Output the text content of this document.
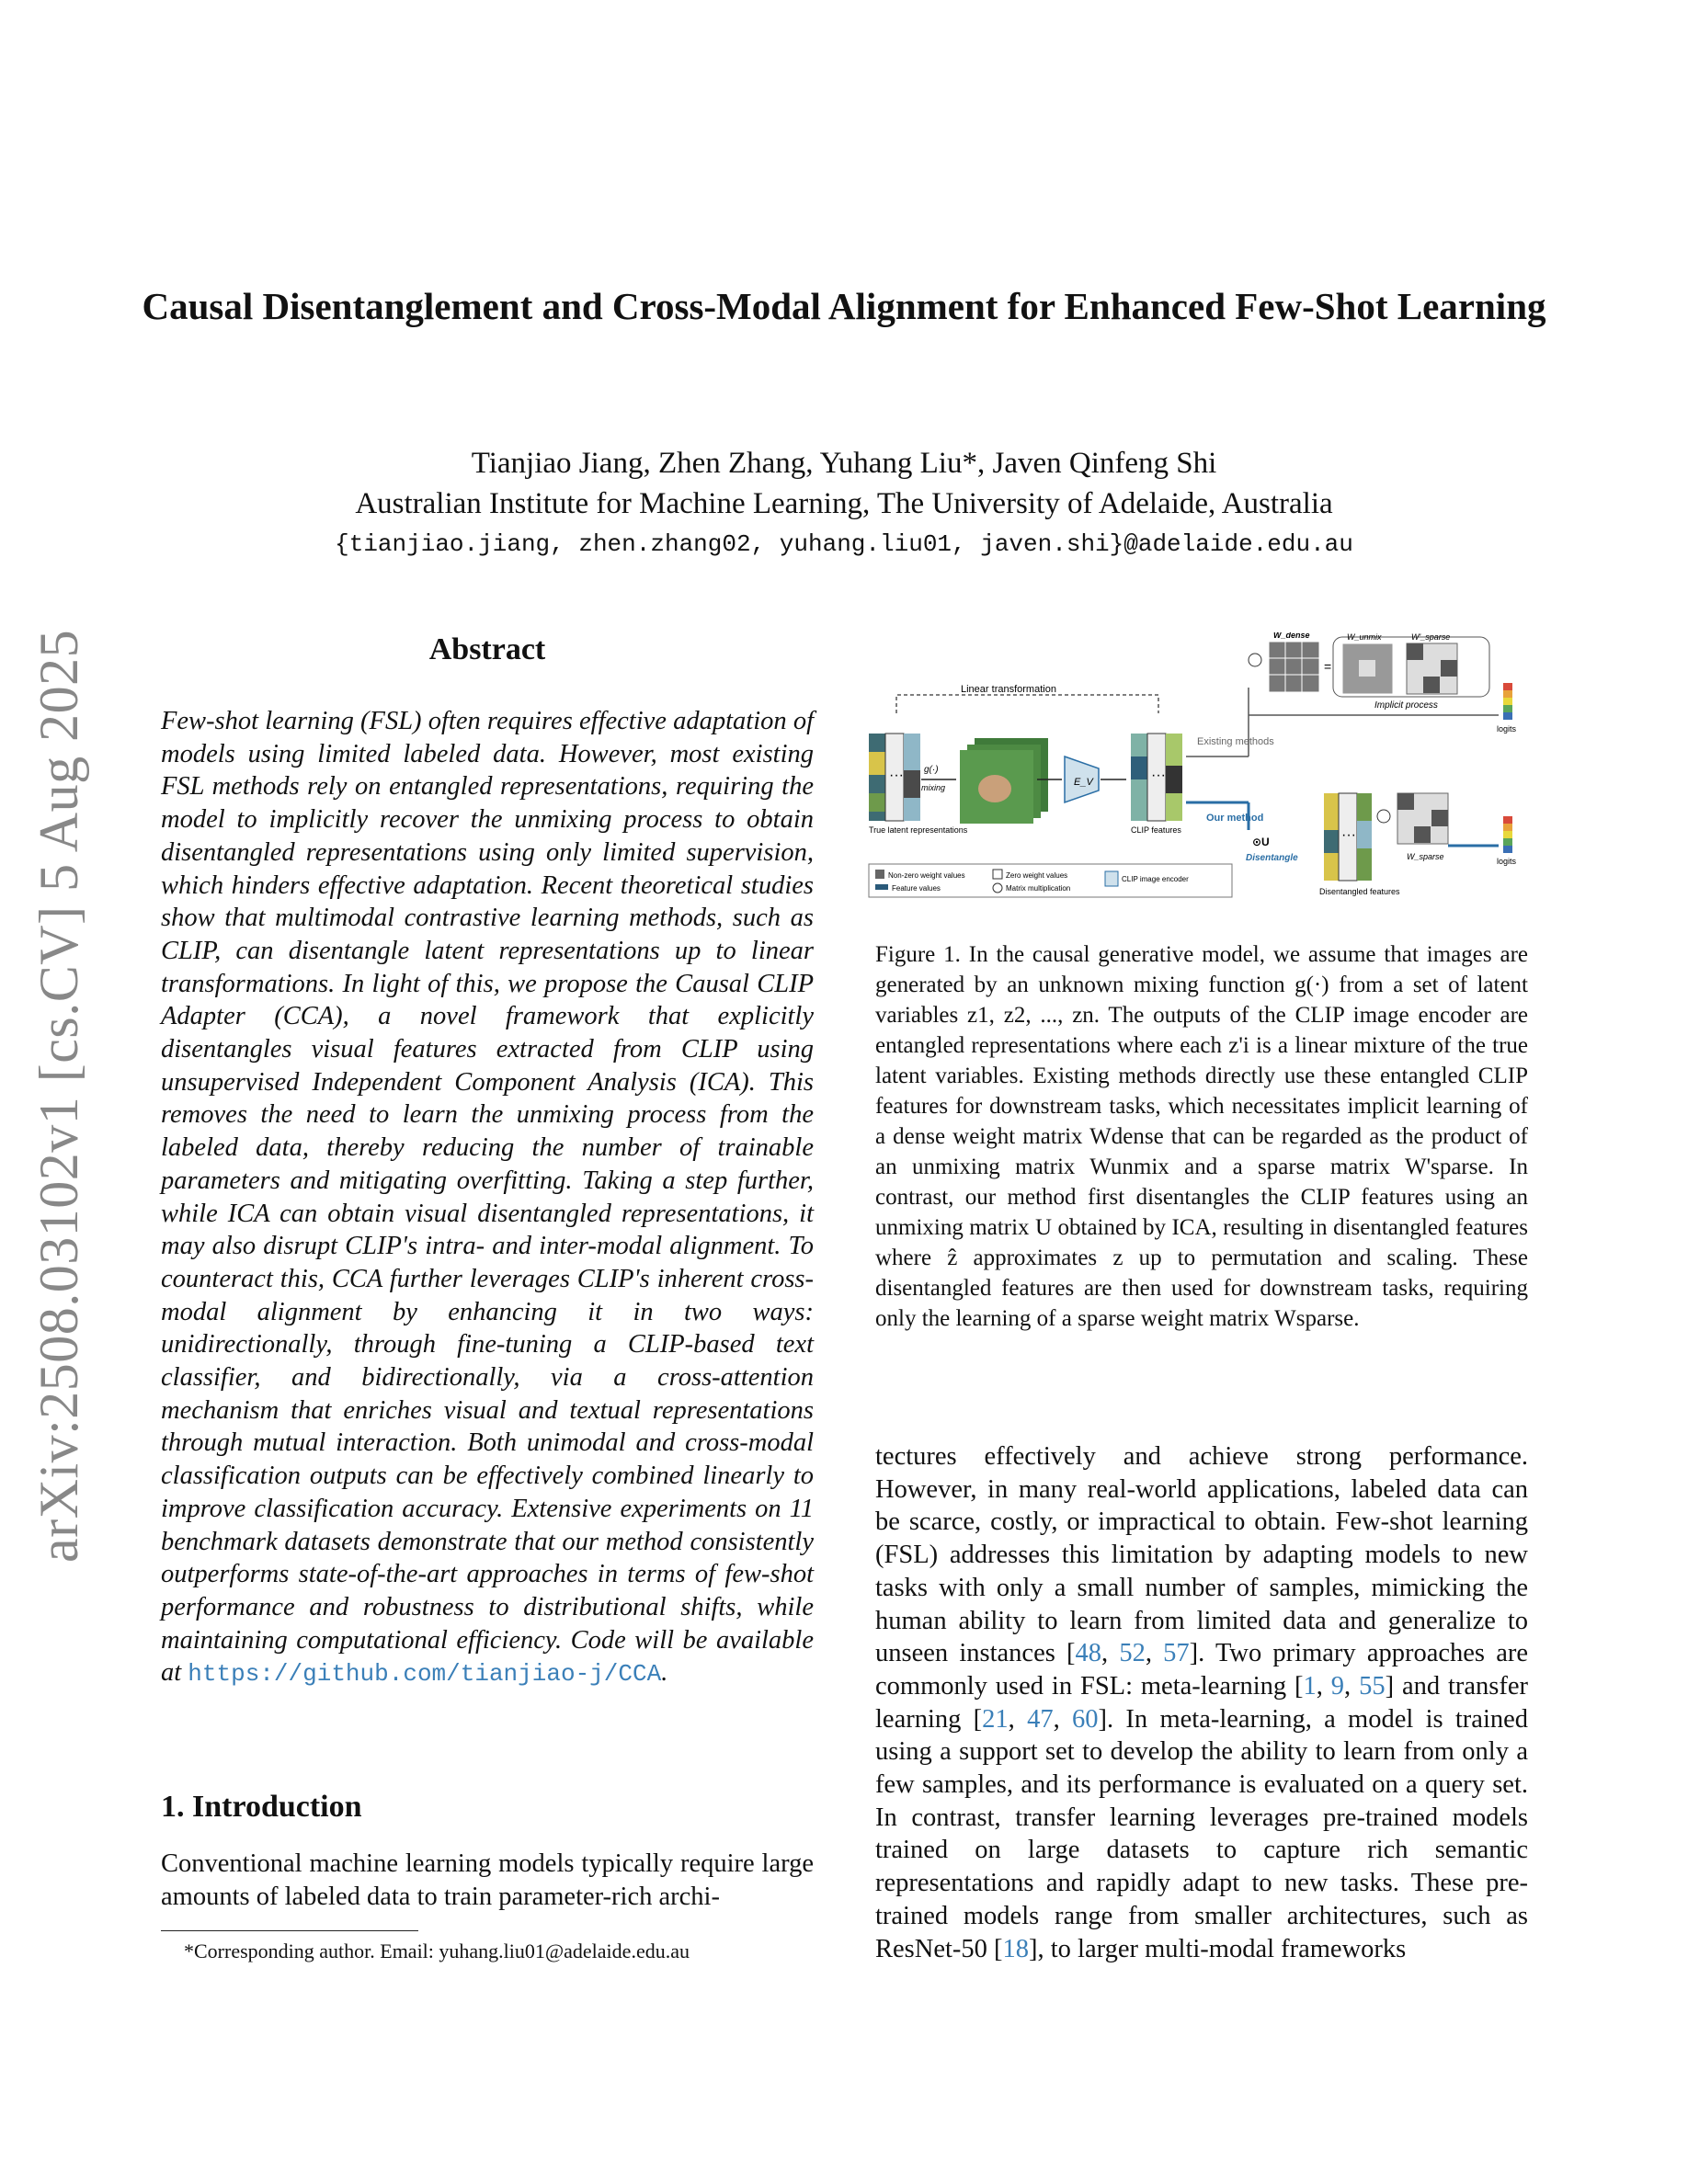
arXiv:2508.03102v1 [cs.CV] 5 Aug 2025
Causal Disentanglement and Cross-Modal Alignment for Enhanced Few-Shot Learning
Tianjiao Jiang, Zhen Zhang, Yuhang Liu*, Javen Qinfeng Shi
Australian Institute for Machine Learning, The University of Adelaide, Australia
{tianjiao.jiang, zhen.zhang02, yuhang.liu01, javen.shi}@adelaide.edu.au
Abstract
Few-shot learning (FSL) often requires effective adaptation of models using limited labeled data. However, most existing FSL methods rely on entangled representations, requiring the model to implicitly recover the unmixing process to obtain disentangled representations using only limited supervision, which hinders effective adaptation. Recent theoretical studies show that multimodal contrastive learning methods, such as CLIP, can disentangle latent representations up to linear transformations. In light of this, we propose the Causal CLIP Adapter (CCA), a novel framework that explicitly disentangles visual features extracted from CLIP using unsupervised Independent Component Analysis (ICA). This removes the need to learn the unmixing process from the labeled data, thereby reducing the number of trainable parameters and mitigating overfitting. Taking a step further, while ICA can obtain visual disentangled representations, it may also disrupt CLIP's intra- and inter-modal alignment. To counteract this, CCA further leverages CLIP's inherent cross-modal alignment by enhancing it in two ways: unidirectionally, through fine-tuning a CLIP-based text classifier, and bidirectionally, via a cross-attention mechanism that enriches visual and textual representations through mutual interaction. Both unimodal and cross-modal classification outputs can be effectively combined linearly to improve classification accuracy. Extensive experiments on 11 benchmark datasets demonstrate that our method consistently outperforms state-of-the-art approaches in terms of few-shot performance and robustness to distributional shifts, while maintaining computational efficiency. Code will be available at https://github.com/tianjiao-j/CCA.
1. Introduction
Conventional machine learning models typically require large amounts of labeled data to train parameter-rich archi-
*Corresponding author. Email: yuhang.liu01@adelaide.edu.au
Linear transformation
···
True latent representations
g(·)
mixing	E_V	···
CLIP features
Existing methods
Our method
W_dense
=
W_unmix	W'_sparse
Implicit process
logits
⊙U
Disentangle
···
Disentangled features
W_sparse	logits
Non-zero weight values	Zero weight values
Feature values	Matrix multiplication
CLIP image encoder
Figure 1. In the causal generative model, we assume that images are generated by an unknown mixing function g(·) from a set of latent variables z1, z2, ..., zn. The outputs of the CLIP image encoder are entangled representations where each z'i is a linear mixture of the true latent variables. Existing methods directly use these entangled CLIP features for downstream tasks, which necessitates implicit learning of a dense weight matrix Wdense that can be regarded as the product of an unmixing matrix Wunmix and a sparse matrix W'sparse. In contrast, our method first disentangles the CLIP features using an unmixing matrix U obtained by ICA, resulting in disentangled features where ẑ approximates z up to permutation and scaling. These disentangled features are then used for downstream tasks, requiring only the learning of a sparse weight matrix Wsparse.
tectures effectively and achieve strong performance. However, in many real-world applications, labeled data can be scarce, costly, or impractical to obtain. Few-shot learning (FSL) addresses this limitation by adapting models to new tasks with only a small number of samples, mimicking the human ability to learn from limited data and generalize to unseen instances [48, 52, 57]. Two primary approaches are commonly used in FSL: meta-learning [1, 9, 55] and transfer learning [21, 47, 60]. In meta-learning, a model is trained using a support set to develop the ability to learn from only a few samples, and its performance is evaluated on a query set. In contrast, transfer learning leverages pre-trained models trained on large datasets to capture rich semantic representations and rapidly adapt to new tasks. These pre-trained models range from smaller architectures, such as ResNet-50 [18], to larger multi-modal frameworks
